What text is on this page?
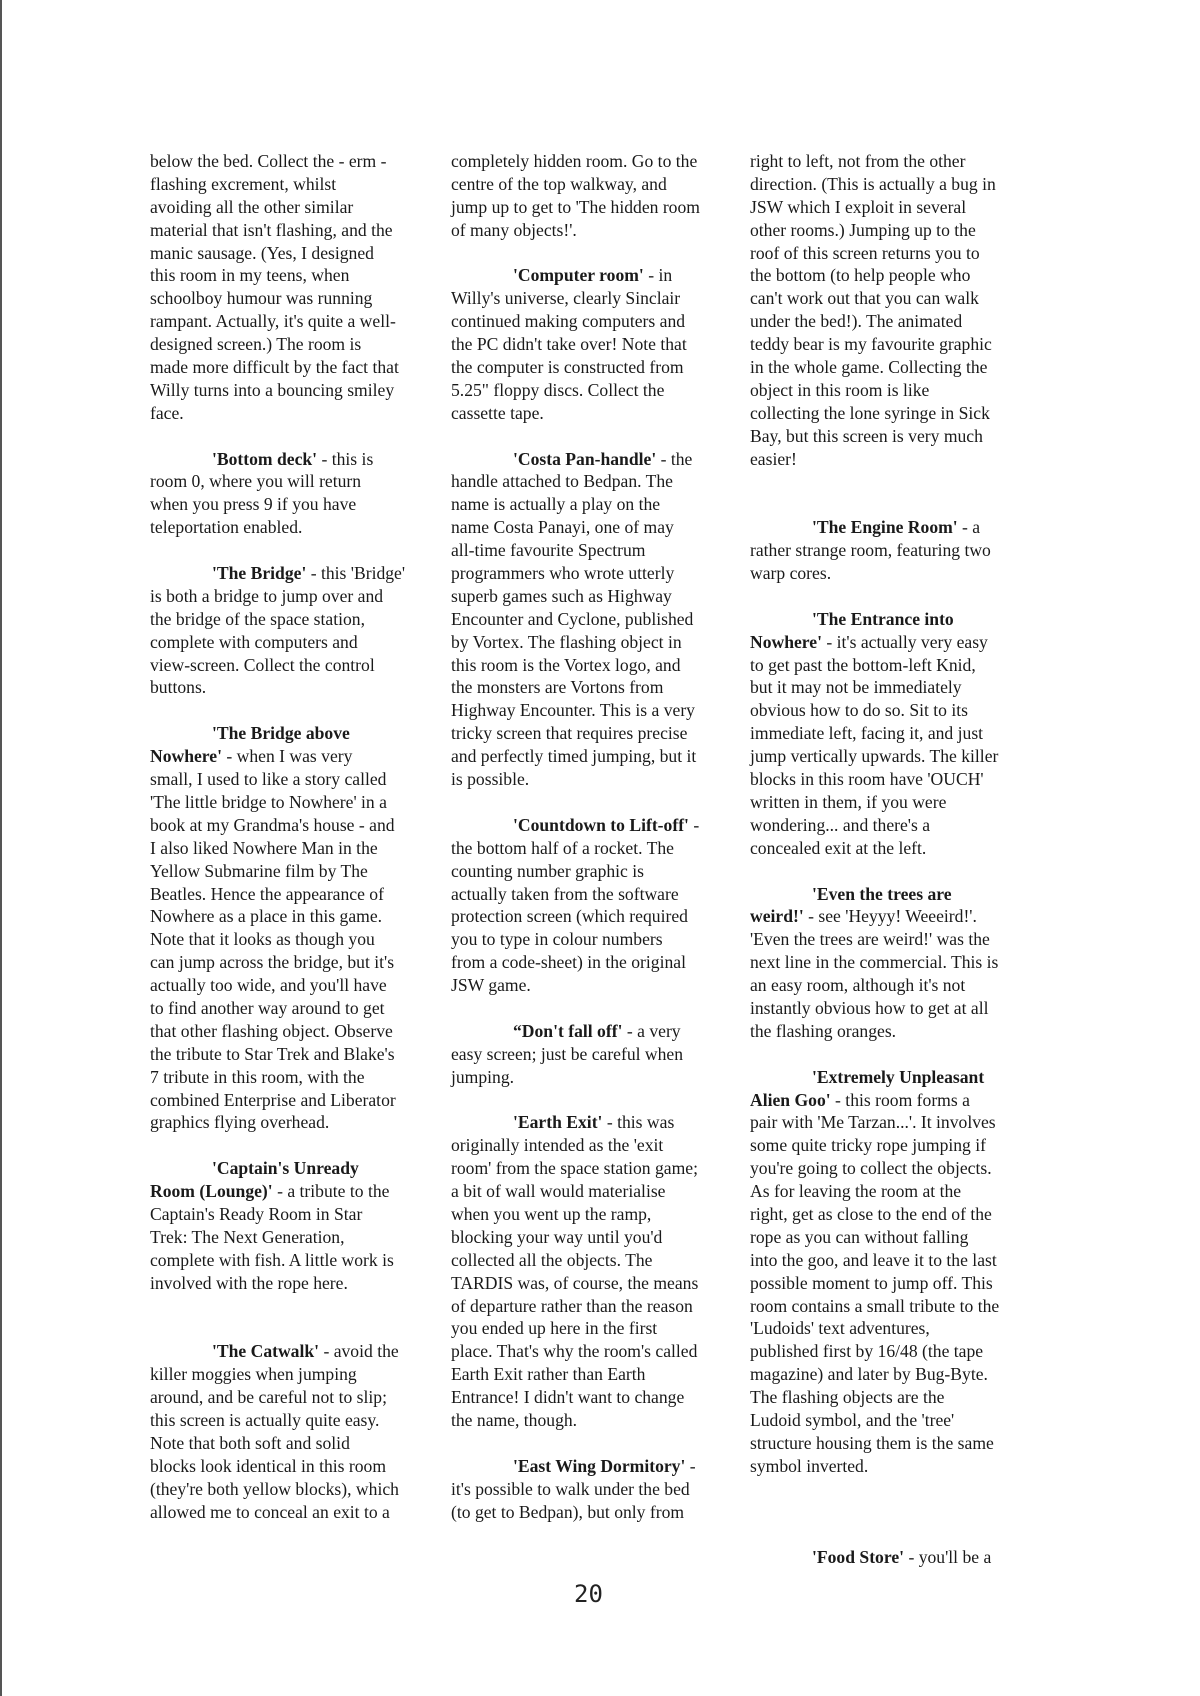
below the bed. Collect the - erm -
flashing excrement, whilst
avoiding all the other similar
material that isn't flashing, and the
manic sausage. (Yes, I designed
this room in my teens, when
schoolboy humour was running
rampant. Actually, it's quite a well-
designed screen.) The room is
made more difficult by the fact that
Willy turns into a bouncing smiley
face.
'Bottom deck' - this is
room 0, where you will return
when you press 9 if you have
teleportation enabled.
'The Bridge' - this 'Bridge'
is both a bridge to jump over and
the bridge of the space station,
complete with computers and
view-screen. Collect the control
buttons.
'The Bridge above
Nowhere' - when I was very
small, I used to like a story called
'The little bridge to Nowhere' in a
book at my Grandma's house - and
I also liked Nowhere Man in the
Yellow Submarine film by The
Beatles. Hence the appearance of
Nowhere as a place in this game.
Note that it looks as though you
can jump across the bridge, but it's
actually too wide, and you'll have
to find another way around to get
that other flashing object. Observe
the tribute to Star Trek and Blake's
7 tribute in this room, with the
combined Enterprise and Liberator
graphics flying overhead.
'Captain's Unready
Room (Lounge)' - a tribute to the
Captain's Ready Room in Star
Trek: The Next Generation,
complete with fish. A little work is
involved with the rope here.
'The Catwalk' - avoid the
killer moggies when jumping
around, and be careful not to slip;
this screen is actually quite easy.
Note that both soft and solid
blocks look identical in this room
(they're both yellow blocks), which
allowed me to conceal an exit to a
completely hidden room. Go to the
centre of the top walkway, and
jump up to get to 'The hidden room
of many objects!'.
'Computer room' - in
Willy's universe, clearly Sinclair
continued making computers and
the PC didn't take over! Note that
the computer is constructed from
5.25" floppy discs. Collect the
cassette tape.
'Costa Pan-handle' - the
handle attached to Bedpan. The
name is actually a play on the
name Costa Panayi, one of may
all-time favourite Spectrum
programmers who wrote utterly
superb games such as Highway
Encounter and Cyclone, published
by Vortex. The flashing object in
this room is the Vortex logo, and
the monsters are Vortons from
Highway Encounter. This is a very
tricky screen that requires precise
and perfectly timed jumping, but it
is possible.
'Countdown to Lift-off' -
the bottom half of a rocket. The
counting number graphic is
actually taken from the software
protection screen (which required
you to type in colour numbers
from a code-sheet) in the original
JSW game.
“Don't fall off' - a very
easy screen; just be careful when
jumping.
'Earth Exit' - this was
originally intended as the 'exit
room' from the space station game;
a bit of wall would materialise
when you went up the ramp,
blocking your way until you'd
collected all the objects. The
TARDIS was, of course, the means
of departure rather than the reason
you ended up here in the first
place. That's why the room's called
Earth Exit rather than Earth
Entrance! I didn't want to change
the name, though.
'East Wing Dormitory' -
it's possible to walk under the bed
(to get to Bedpan), but only from
right to left, not from the other
direction. (This is actually a bug in
JSW which I exploit in several
other rooms.) Jumping up to the
roof of this screen returns you to
the bottom (to help people who
can't work out that you can walk
under the bed!). The animated
teddy bear is my favourite graphic
in the whole game. Collecting the
object in this room is like
collecting the lone syringe in Sick
Bay, but this screen is very much
easier!
'The Engine Room' - a
rather strange room, featuring two
warp cores.
'The Entrance into
Nowhere' - it's actually very easy
to get past the bottom-left Knid,
but it may not be immediately
obvious how to do so. Sit to its
immediate left, facing it, and just
jump vertically upwards. The killer
blocks in this room have 'OUCH'
written in them, if you were
wondering... and there's a
concealed exit at the left.
'Even the trees are
weird!' - see 'Heyyy! Weeeird!'.
'Even the trees are weird!' was the
next line in the commercial. This is
an easy room, although it's not
instantly obvious how to get at all
the flashing oranges.
'Extremely Unpleasant
Alien Goo' - this room forms a
pair with 'Me Tarzan...'. It involves
some quite tricky rope jumping if
you're going to collect the objects.
As for leaving the room at the
right, get as close to the end of the
rope as you can without falling
into the goo, and leave it to the last
possible moment to jump off. This
room contains a small tribute to the
'Ludoids' text adventures,
published first by 16/48 (the tape
magazine) and later by Bug-Byte.
The flashing objects are the
Ludoid symbol, and the 'tree'
structure housing them is the same
symbol inverted.
'Food Store' - you'll be a
20
